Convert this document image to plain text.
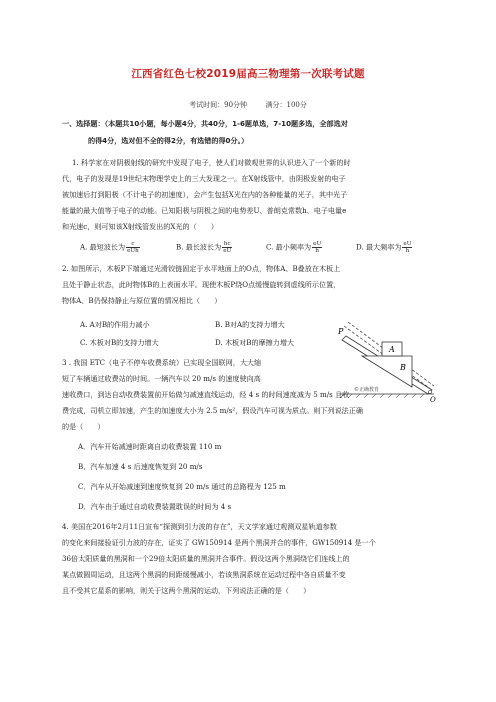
江西省红色七校2019届高三物理第一次联考试题
考试时间：90分钟	满分：100分
一、选择题：（本题共10小题，每小题4分，共40分，1-6题单选，7-10题多选，全部选对
的得4分，选对但不全的得2分，有选错的得0分。）
1. 科学家在对阴极射线的研究中发现了电子，使人们对微观世界的认识进入了一个新的时
代，电子的发现是19世纪末物理学史上的三大发现之一。在X射线管中，由阴极发射的电子
被加速后打到阳极（不计电子的初速度），会产生包括X光在内的各种能量的光子，其中光子
能量的最大值等于电子的动能。已知阳极与阴极之间的电势差U、普朗克常数h、电子电量e
和光速c，则可知该X射线管发出的X光的（　　）
A. 最短波长为 $\frac{c}{\text{eUh}}$	B. 最长波长为 $\frac{hc}{eU}$	C. 最小频率为 $\frac{eU}{h}$	D. 最大频率为 $\frac{eU}{h}$
2. 如图所示，木板P下端通过光滑铰链固定于水平地面上的O点，物体A、B叠放在木板上
且处于静止状态，此时物体B的上表面水平。现使木板P绕O点缓慢旋转到虚线所示位置，
物体A、B仍保持静止与原位置的情况相比（　　）
A. A对B的作用力减小	B. B对A的支持力增大
C. 木板对B的支持力增大	D. 木板对B的摩擦力增大
P
A
B
O
©正确教育
3 . 我国 ETC（电子不停车收费系统）已实现全国联网，大大缩
短了车辆通过收费站的时间。一辆汽车以 20 m/s 的速度驶向高
速收费口，到达自动收费装置前开始做匀减速直线运动，经 4 s 的时间速度减为 5 m/s 且收
费完成，司机立即加速，产生的加速度大小为 2.5 m/s²，假设汽车可视为质点。则下列说法正确
的是（　　）
A．汽车开始减速时距离自动收费装置 110 m
B．汽车加速 4 s 后速度恢复到 20 m/s
C．汽车从开始减速到速度恢复到 20 m/s 通过的总路程为 125 m
D．汽车由于通过自动收费装置耽误的时间为 4 s
4. 美国在2016年2月11日宣布“探测到引力波的存在”，天文学家通过观测双星轨道参数
的变化来间接验证引力波的存在，证实了 GW150914 是两个黑洞并合的事件，GW150914 是一个
36倍太阳质量的黑洞和一个29倍太阳质量的黑洞并合事件。假设这两个黑洞绕它们连线上的
某点做圆周运动，且这两个黑洞的间距缓慢减小，若该黑洞系统在运动过程中各自质量不变
且不受其它星系的影响，则关于这两个黑洞的运动，下列说法正确的是（　　）
